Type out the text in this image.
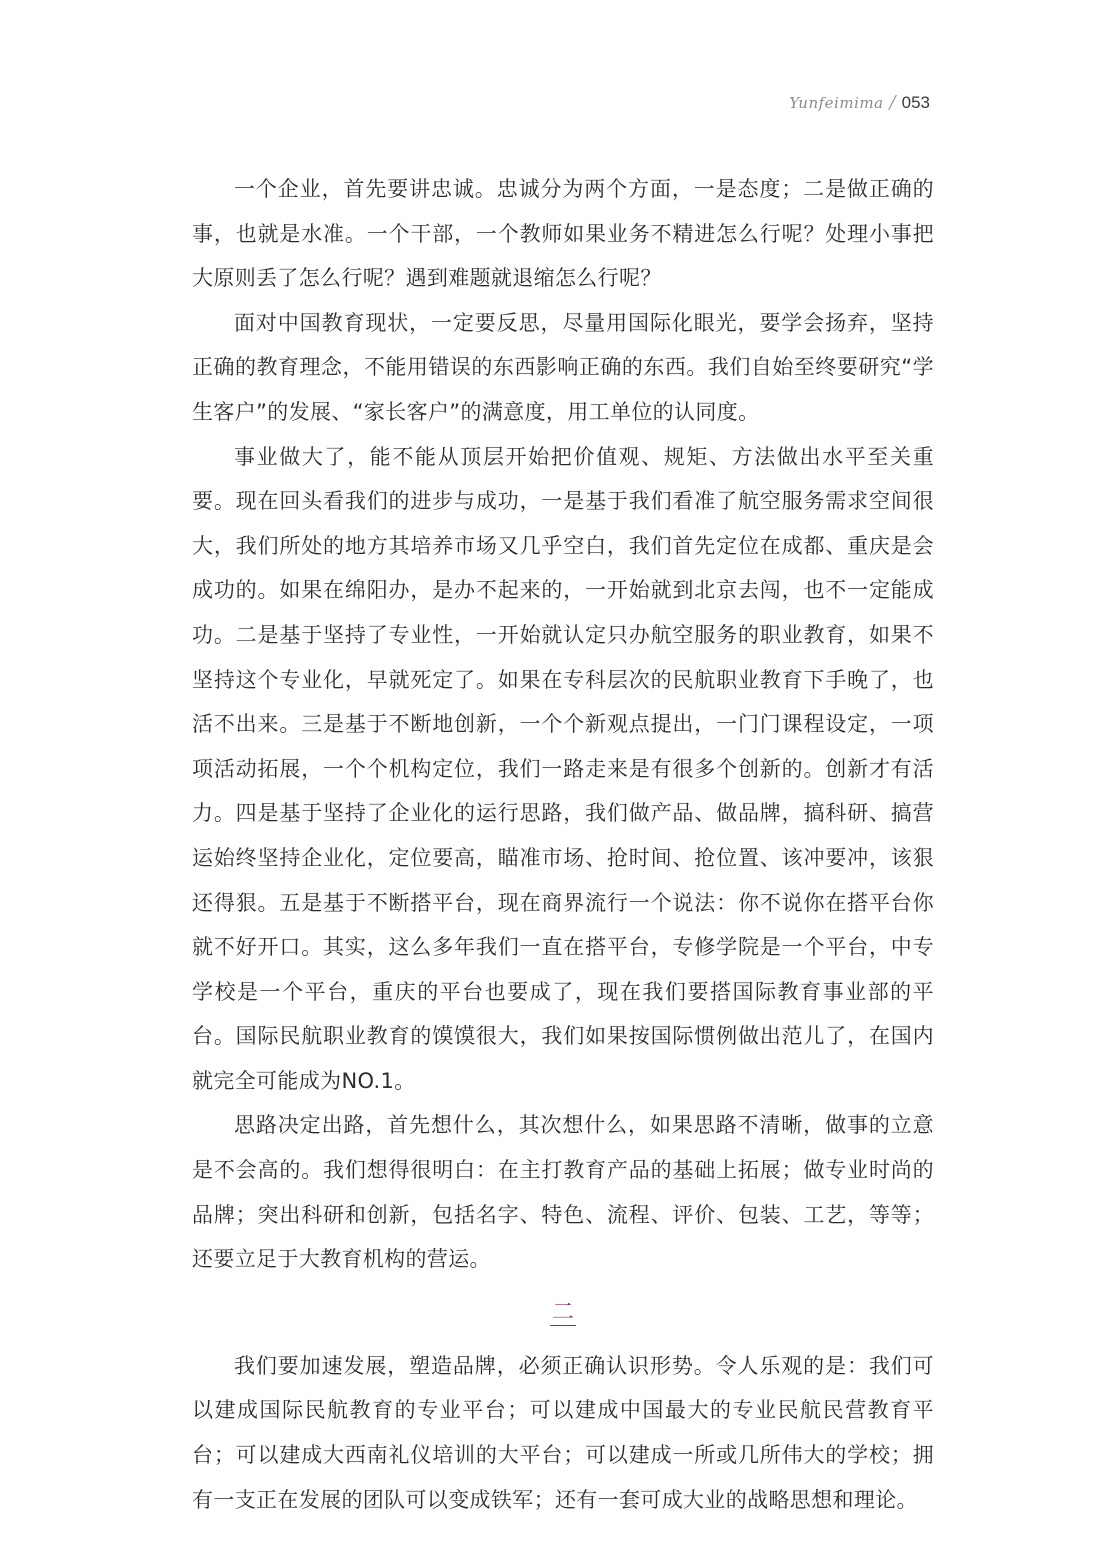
Yunfeimima / 053

一个企业，首先要讲忠诚。忠诚分为两个方面，一是态度；二是做正确的事，也就是水准。一个干部，一个教师如果业务不精进怎么行呢？处理小事把大原则丢了怎么行呢？遇到难题就退缩怎么行呢？

面对中国教育现状，一定要反思，尽量用国际化眼光，要学会扬弃，坚持正确的教育理念，不能用错误的东西影响正确的东西。我们自始至终要研究“学生客户”的发展、“家长客户”的满意度，用工单位的认同度。

事业做大了，能不能从顶层开始把价值观、规矩、方法做出水平至关重要。现在回头看我们的进步与成功，一是基于我们看准了航空服务需求空间很大，我们所处的地方其培养市场又几乎空白，我们首先定位在成都、重庆是会成功的。如果在绵阳办，是办不起来的，一开始就到北京去闯，也不一定能成功。二是基于坚持了专业性，一开始就认定只办航空服务的职业教育，如果不坚持这个专业化，早就死定了。如果在专科层次的民航职业教育下手晚了，也活不出来。三是基于不断地创新，一个个新观点提出，一门门课程设定，一项项活动拓展，一个个机构定位，我们一路走来是有很多个创新的。创新才有活力。四是基于坚持了企业化的运行思路，我们做产品、做品牌，搞科研、搞营运始终坚持企业化，定位要高，瞄准市场、抢时间、抢位置、该冲要冲，该狠还得狠。五是基于不断搭平台，现在商界流行一个说法：你不说你在搭平台你就不好开口。其实，这么多年我们一直在搭平台，专修学院是一个平台，中专学校是一个平台，重庆的平台也要成了，现在我们要搭国际教育事业部的平台。国际民航职业教育的馍馍很大，我们如果按国际惯例做出范儿了，在国内就完全可能成为NO.1。

思路决定出路，首先想什么，其次想什么，如果思路不清晰，做事的立意是不会高的。我们想得很明白：在主打教育产品的基础上拓展；做专业时尚的品牌；突出科研和创新，包括名字、特色、流程、评价、包装、工艺，等等；还要立足于大教育机构的营运。

二

我们要加速发展，塑造品牌，必须正确认识形势。令人乐观的是：我们可以建成国际民航教育的专业平台；可以建成中国最大的专业民航民营教育平台；可以建成大西南礼仪培训的大平台；可以建成一所或几所伟大的学校；拥有一支正在发展的团队可以变成铁军；还有一套可成大业的战略思想和理论。
